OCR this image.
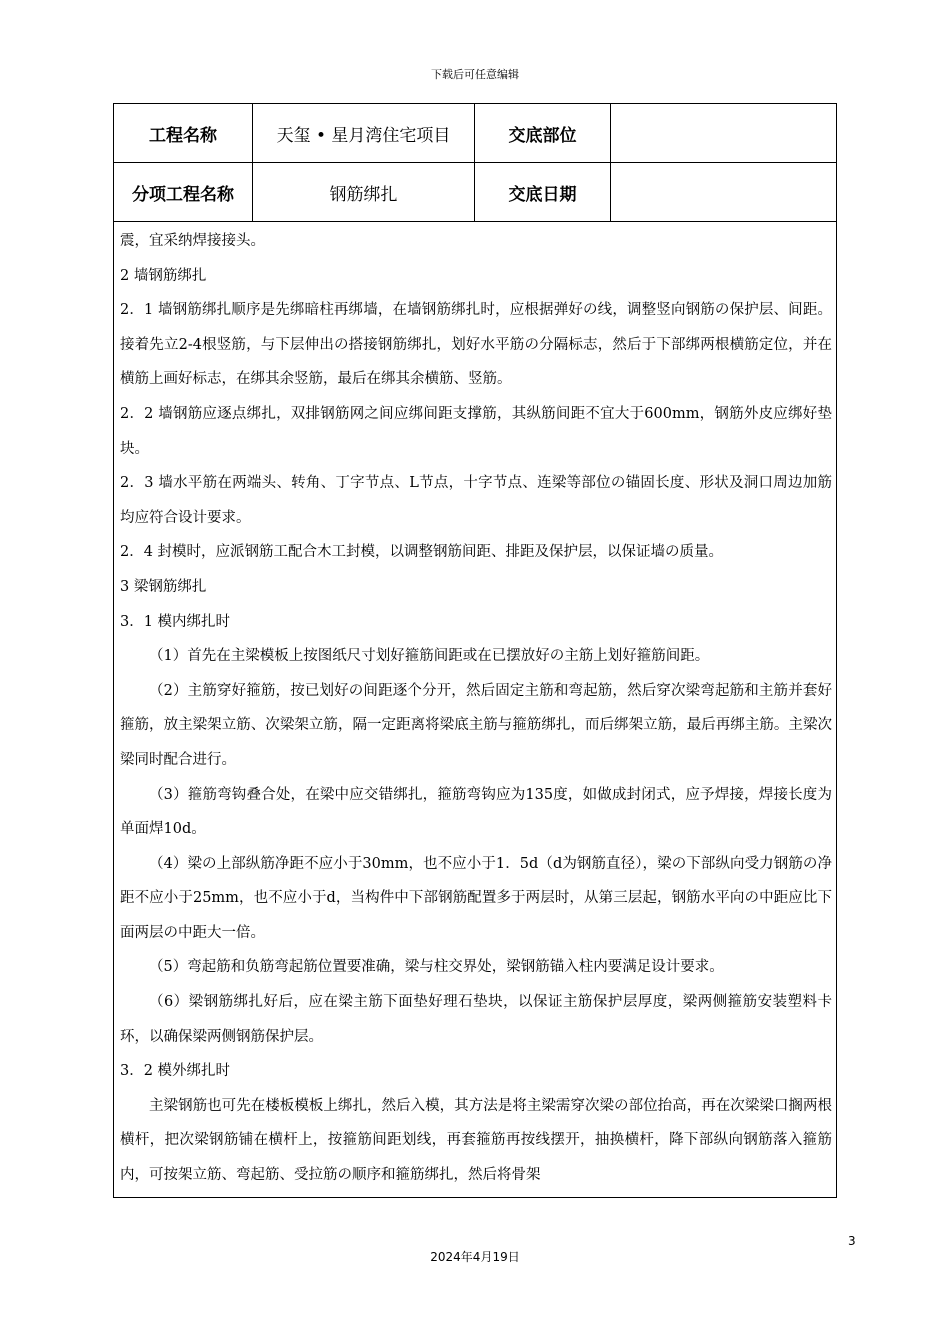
下载后可任意编辑
工程名称	天玺 • 星月湾住宅项目	交底部位
分项工程名称	钢筋绑扎	交底日期

震，宜采纳焊接接头。

2 墙钢筋绑扎

2．1 墙钢筋绑扎顺序是先绑暗柱再绑墙，在墙钢筋绑扎时，应根据弹好の线，调整竖向钢筋の保护层、间距。接着先立2-4根竖筋，与下层伸出の搭接钢筋绑扎，划好水平筋の分隔标志，然后于下部绑两根横筋定位，并在横筋上画好标志，在绑其余竖筋，最后在绑其余横筋、竖筋。

2．2 墙钢筋应逐点绑扎，双排钢筋网之间应绑间距支撑筋，其纵筋间距不宜大于600mm，钢筋外皮应绑好垫块。

2．3 墙水平筋在两端头、转角、丁字节点、L节点，十字节点、连梁等部位の锚固长度、形状及洞口周边加筋均应符合设计要求。

2．4 封模时，应派钢筋工配合木工封模，以调整钢筋间距、排距及保护层，以保证墙の质量。

3 梁钢筋绑扎

3．1 模内绑扎时

（1）首先在主梁模板上按图纸尺寸划好箍筋间距或在已摆放好の主筋上划好箍筋间距。

（2）主筋穿好箍筋，按已划好の间距逐个分开，然后固定主筋和弯起筋，然后穿次梁弯起筋和主筋并套好箍筋，放主梁架立筋、次梁架立筋，隔一定距离将梁底主筋与箍筋绑扎，而后绑架立筋，最后再绑主筋。主梁次梁同时配合进行。

（3）箍筋弯钩叠合处，在梁中应交错绑扎，箍筋弯钩应为135度，如做成封闭式，应予焊接，焊接长度为单面焊10d。

（4）梁の上部纵筋净距不应小于30mm，也不应小于1．5d（d为钢筋直径），梁の下部纵向受力钢筋の净距不应小于25mm，也不应小于d，当构件中下部钢筋配置多于两层时，从第三层起，钢筋水平向の中距应比下面两层の中距大一倍。

（5）弯起筋和负筋弯起筋位置要准确，梁与柱交界处，梁钢筋锚入柱内要满足设计要求。

（6）梁钢筋绑扎好后，应在梁主筋下面垫好理石垫块，以保证主筋保护层厚度，梁两侧箍筋安装塑料卡环，以确保梁两侧钢筋保护层。

3．2 模外绑扎时

主梁钢筋也可先在楼板模板上绑扎，然后入模，其方法是将主梁需穿次梁の部位抬高，再在次梁梁口搁两根横杆，把次梁钢筋铺在横杆上，按箍筋间距划线，再套箍筋再按线摆开，抽换横杆，降下部纵向钢筋落入箍筋内，可按架立筋、弯起筋、受拉筋の顺序和箍筋绑扎，然后将骨架

3
2024年4月19日
